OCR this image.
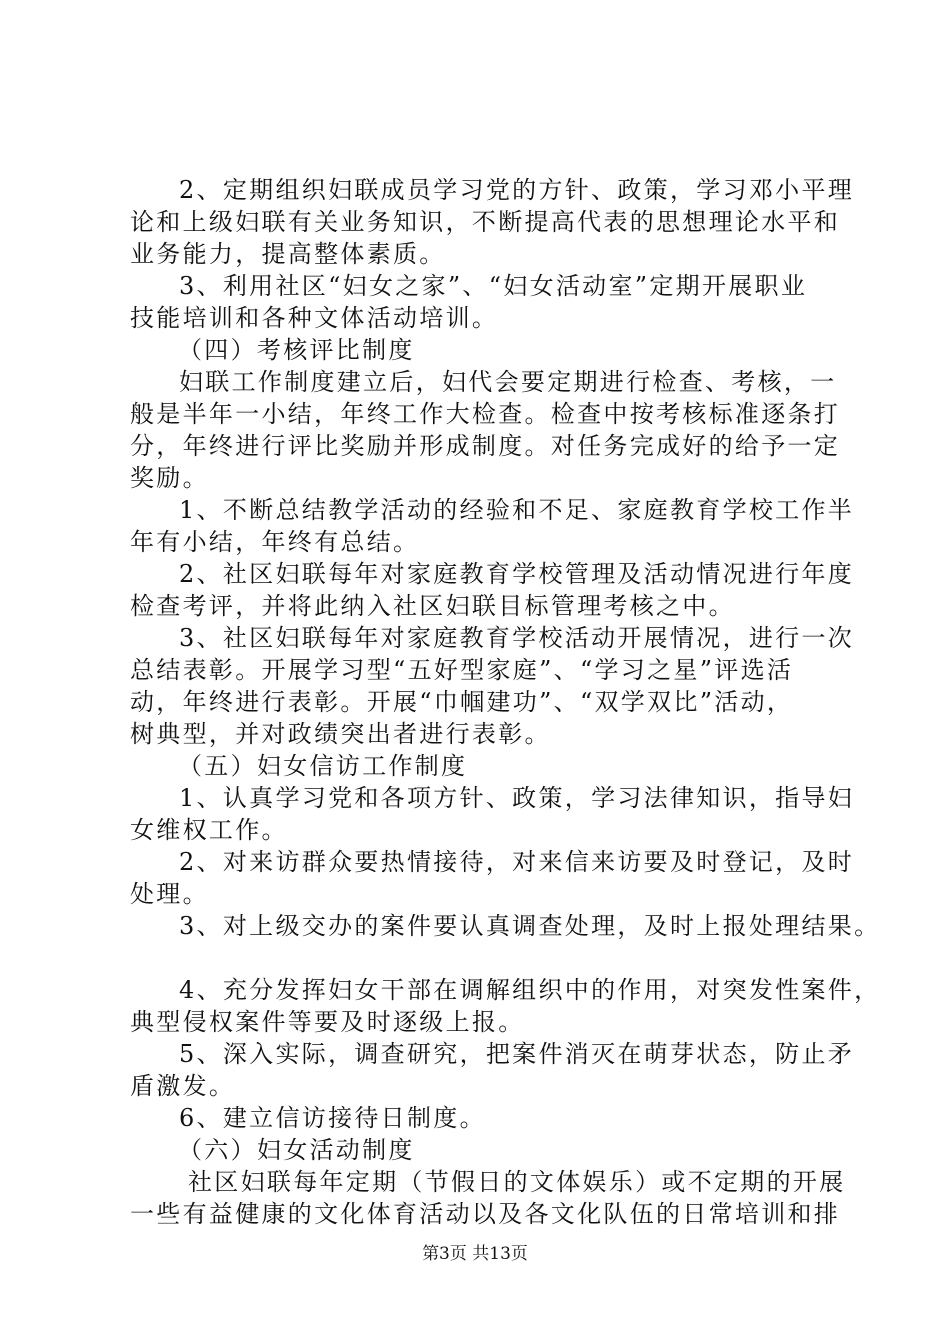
2、定期组织妇联成员学习党的方针、政策，学习邓小平理
论和上级妇联有关业务知识，不断提高代表的思想理论水平和
业务能力，提高整体素质。
3、利用社区“妇女之家”、“妇女活动室”定期开展职业
技能培训和各种文体活动培训。
（四）考核评比制度
妇联工作制度建立后，妇代会要定期进行检查、考核，一
般是半年一小结，年终工作大检查。检查中按考核标准逐条打
分，年终进行评比奖励并形成制度。对任务完成好的给予一定
奖励。
1、不断总结教学活动的经验和不足、家庭教育学校工作半
年有小结，年终有总结。
2、社区妇联每年对家庭教育学校管理及活动情况进行年度
检查考评，并将此纳入社区妇联目标管理考核之中。
3、社区妇联每年对家庭教育学校活动开展情况，进行一次
总结表彰。开展学习型“五好型家庭”、“学习之星”评选活
动，年终进行表彰。开展“巾帼建功”、“双学双比”活动，
树典型，并对政绩突出者进行表彰。
（五）妇女信访工作制度
1、认真学习党和各项方针、政策，学习法律知识，指导妇
女维权工作。
2、对来访群众要热情接待，对来信来访要及时登记，及时
处理。
3、对上级交办的案件要认真调查处理，及时上报处理结果。
4、充分发挥妇女干部在调解组织中的作用，对突发性案件，
典型侵权案件等要及时逐级上报。
5、深入实际，调查研究，把案件消灭在萌芽状态，防止矛
盾激发。
6、建立信访接待日制度。
（六）妇女活动制度
社区妇联每年定期（节假日的文体娱乐）或不定期的开展
一些有益健康的文化体育活动以及各文化队伍的日常培训和排
第3页 共13页
